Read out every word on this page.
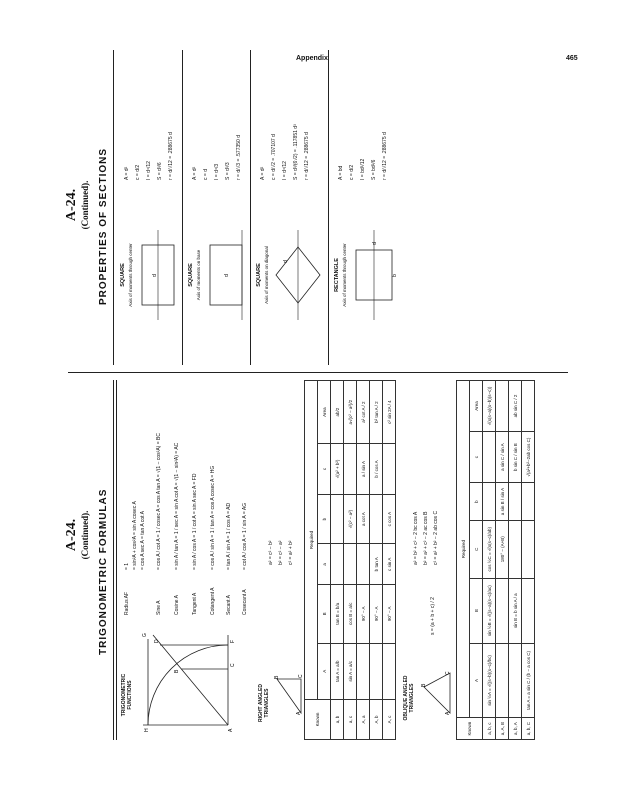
Appendix	465
A-24. (Continued). TRIGONOMETRIC FORMULAS
TRIGONOMETRIC FUNCTIONS
A
F
C
B
D
G
H
Radius AF
= 1 = sin²A + cos²A = sin A cosec A = cos A sec A = tan A cot A
Sine A
= cos A / cot A = 1 / cosec A = cos A tan A = √(1 − cos²A) = BC
Cosine A
= sin A / tan A = 1 / sec A = sin A cot A = √(1 − sin²A) = AC
Tangent A
= sin A / cos A = 1 / cot A = sin A sec A = FD
Cotangent A
= cos A / sin A = 1 / tan A = cos A cosec A = HG
Secant A
= tan A / sin A = 1 / cos A = AD
Cosecant A
= cot A / cos A = 1 / sin A = AG
RIGHT ANGLED TRIANGLES	A
C
B
a² = c² − b² b² = c² − a² c² = a² + b²
Known	Required					
	A	B	a	b	c	Area
a, b	tan A = a/b	tan B = b/a			√(a² + b²)	ab/2
a, c	sin A = a/c	cos B = a/c		√(c² − a²)		a√(c² − a²)/2
A, a		90° − A		a cot A	a / sin A	a² cot A / 2
A, b		90° − A	b tan A		b / cos A	b² tan A / 2
A, c		90° − A	c sin A	c cos A		c² sin 2A / 4
OBLIQUE ANGLED TRIANGLES
A
C
B
s = (a + b + c) / 2
a² = b² + c² − 2 bc cos A b² = a² + c² − 2 ac cos B c² = a² + b² − 2 ab cos C
Known	Required					
	A	B	C	b	c	Area
a, b, c	sin ½A = √((s−b)(s−c)/bc)	sin ½B = √((s−a)(s−c)/ac)	cos ½C = √(s(s−c)/ab)			√(s(s−a)(s−b)(s−c))
a, A, B			180° − (A+B)	a sin B / sin A	a sin C / sin A	
a, b, A		sin B = b sin A / a			b sin C / sin B	ab sin C / 2
a, b, C	tan A = a sin C / (b − a cos C)				√(a²+b²−2ab cos C)	
A-24. (Continued). PROPERTIES OF SECTIONS SQUARE Axis of moments through center	d
A = d²	c = d/2	I = d⁴/12	S = d³/6	r = d/√12 = .288675 d
SQUARE Axis of moments on base	d
A = d²	c = d	I = d⁴/3	S = d³/3	r = d/√3 = .577350 d
SQUARE Axis of moments on diagonal	d
A = d²	c = d/√2 = .707107 d	I = d⁴/12	S = d³/(6√2) = .117851 d³	r = d/√12 = .288675 d
RECTANGLE Axis of moments through center	d
b
A = bd	c = d/2	I = bd³/12	S = bd²/6	r = d/√12 = .288675 d
